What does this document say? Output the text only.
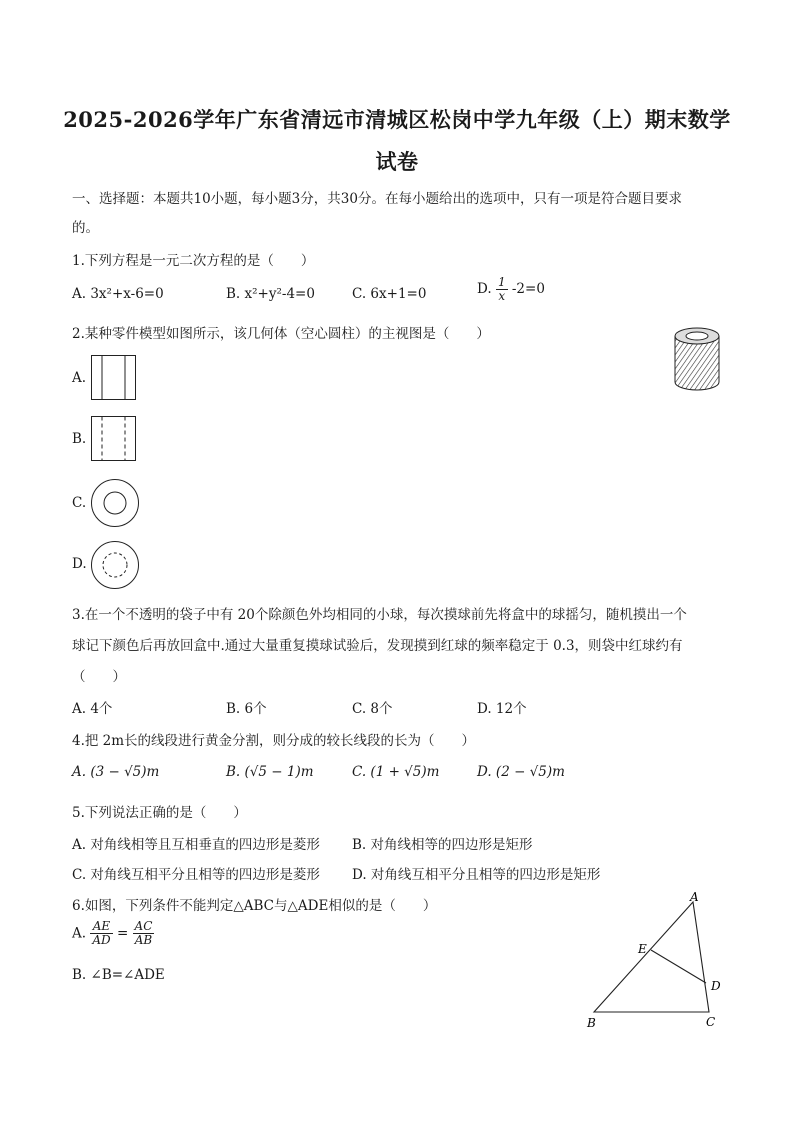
2025-2026学年广东省清远市清城区松岗中学九年级（上）期末数学
试卷
一、选择题：本题共10小题，每小题3分，共30分。在每小题给出的选项中，只有一项是符合题目要求
的。
1.下列方程是一元二次方程的是（　　）
A. 3x²+x-6=0	B. x²+y²-4=0	C. 6x+1=0	D. $\frac{1}{x} -2=0$
2.某种零件模型如图所示，该几何体（空心圆柱）的主视图是（　　）
A.
B.
C.
D.
3.在一个不透明的袋子中有 20个除颜色外均相同的小球，每次摸球前先将盒中的球摇匀，随机摸出一个
球记下颜色后再放回盒中.通过大量重复摸球试验后，发现摸到红球的频率稳定于 0.3，则袋中红球约有
（　　）
A. 4个	B. 6个	C. 8个	D. 12个
4.把 2m长的线段进行黄金分割，则分成的较长线段的长为（　　）
A. (3 − √5)m	B. (√5 − 1)m	C. (1 + √5)m	D. (2 − √5)m
5.下列说法正确的是（　　）
A. 对角线相等且互相垂直的四边形是菱形 B. 对角线相等的四边形是矩形
C. 对角线互相平分且相等的四边形是菱形 D. 对角线互相平分且相等的四边形是矩形
6.如图，下列条件不能判定△ABC与△ADE相似的是（　　）
A. $\frac{AE}{AD} = \frac{AC}{AB}$
B. ∠B=∠ADE
A
B	C
D
E
